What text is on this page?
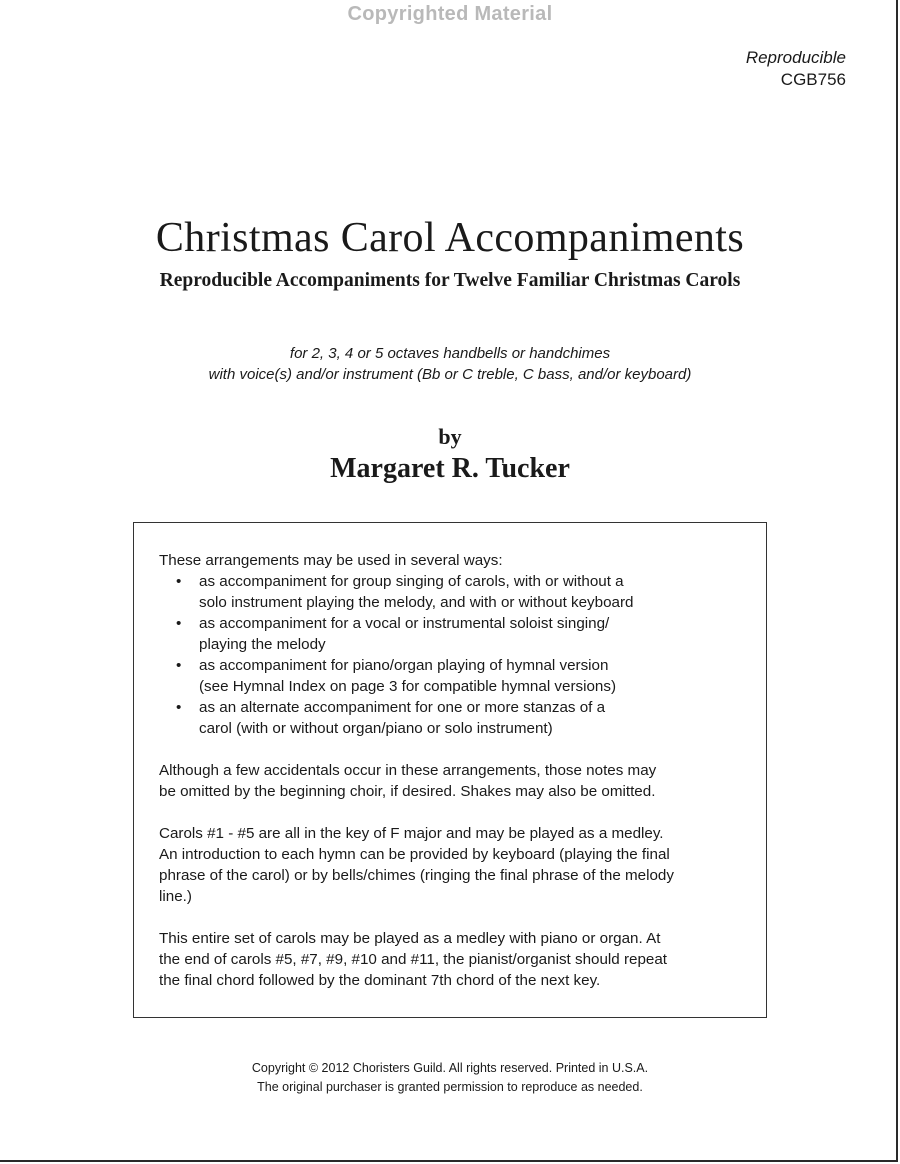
Copyrighted Material
Reproducible
CGB756
Christmas Carol Accompaniments
Reproducible Accompaniments for Twelve Familiar Christmas Carols
for 2, 3, 4 or 5 octaves handbells or handchimes
with voice(s) and/or instrument (Bb or C treble, C bass, and/or keyboard)
by
Margaret R. Tucker

These arrangements may be used in several ways:

• as accompaniment for group singing of carols, with or without a
solo instrument playing the melody, and with or without keyboard
• as accompaniment for a vocal or instrumental soloist singing/
playing the melody
• as accompaniment for piano/organ playing of hymnal version
(see Hymnal Index on page 3 for compatible hymnal versions)
• as an alternate accompaniment for one or more stanzas of a
carol (with or without organ/piano or solo instrument)

Although a few accidentals occur in these arrangements, those notes may
be omitted by the beginning choir, if desired. Shakes may also be omitted.

Carols #1 - #5 are all in the key of F major and may be played as a medley.
An introduction to each hymn can be provided by keyboard (playing the final
phrase of the carol) or by bells/chimes (ringing the final phrase of the melody
line.)

This entire set of carols may be played as a medley with piano or organ. At
the end of carols #5, #7, #9, #10 and #11, the pianist/organist should repeat
the final chord followed by the dominant 7th chord of the next key.

Copyright © 2012 Choristers Guild. All rights reserved. Printed in U.S.A.
The original purchaser is granted permission to reproduce as needed.
